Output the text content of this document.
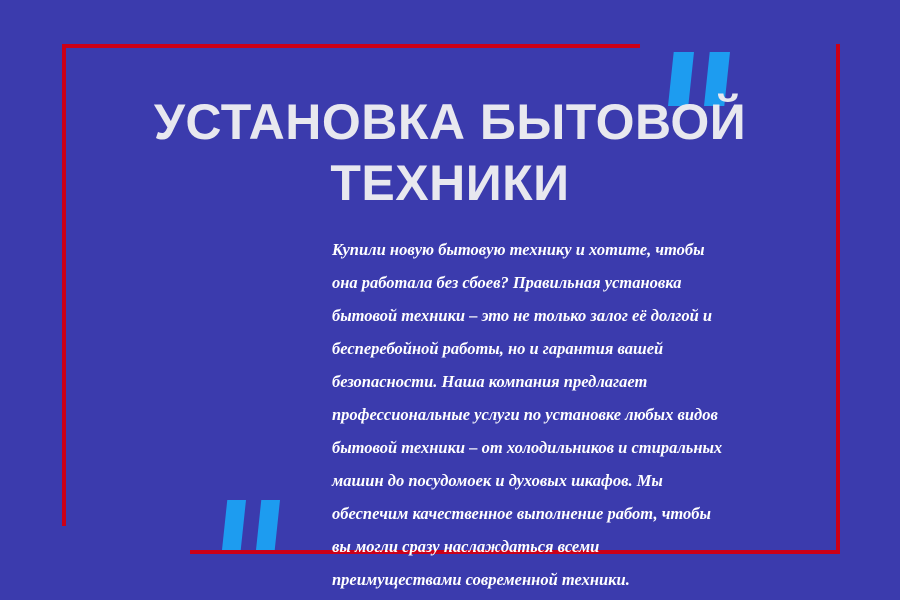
УСТАНОВКА БЫТОВОЙ
ТЕХНИКИ
Купили новую бытовую технику и хотите, чтобы она работала без сбоев? Правильная установка бытовой техники – это не только залог её долгой и бесперебойной работы, но и гарантия вашей безопасности. Наша компания предлагает профессиональные услуги по установке любых видов бытовой техники – от холодильников и стиральных машин до посудомоек и духовых шкафов. Мы обеспечим качественное выполнение работ, чтобы вы могли сразу наслаждаться всеми преимуществами современной техники.
